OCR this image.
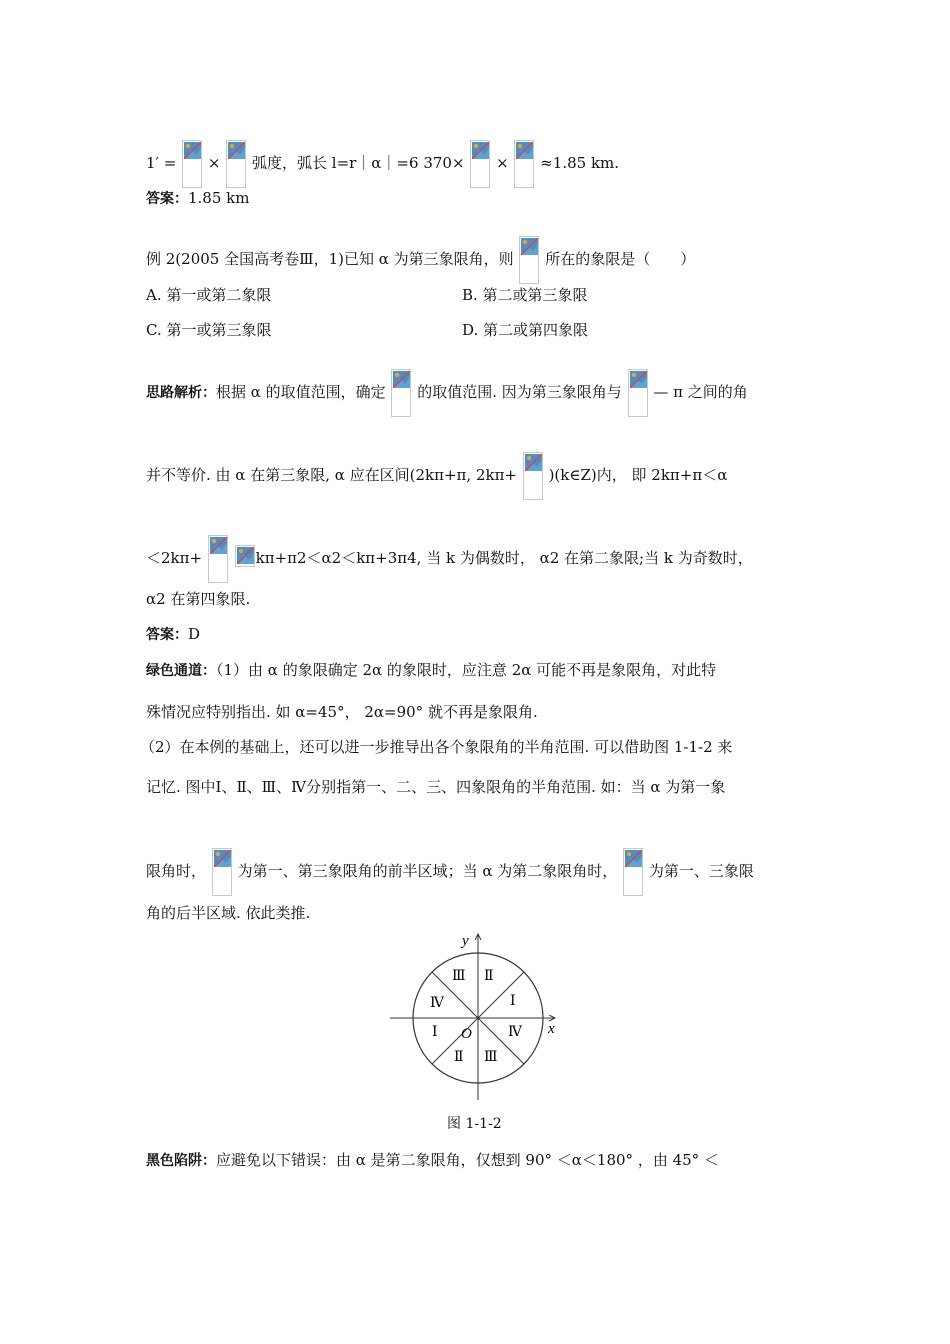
1′ = × 弧度，弧长 l=r｜α｜=6 370× × ≈1.85 km.
答案：1.85 km
例 2(2005 全国高考卷Ⅲ，1)已知 α 为第三象限角，则 所在的象限是（　　）
A. 第一或第二象限	B. 第二或第三象限
C. 第一或第三象限	D. 第二或第四象限
思路解析：根据 α 的取值范围，确定 的取值范围. 因为第三象限角与 — π 之间的角
并不等价. 由 α 在第三象限, α 应在区间(2kπ+π, 2kπ+ )(k∈Z)内， 即 2kπ+π＜α
＜2kπ+
	kπ+π2＜α2＜kπ+3π4, 当 k 为偶数时， α2 在第二象限;当 k 为奇数时，
α2 在第四象限.
答案：D
绿色通道：（1）由 α 的象限确定 2α 的象限时，应注意 2α 可能不再是象限角，对此特
殊情况应特别指出. 如 α=45°， 2α=90° 就不再是象限角.
（2）在本例的基础上，还可以进一步推导出各个象限角的半角范围. 可以借助图 1-1-2 来
记忆. 图中Ⅰ、Ⅱ、Ⅲ、Ⅳ分别指第一、二、三、四象限角的半角范围. 如：当 α 为第一象
限角时， 为第一、第三象限角的前半区域；当 α 为第二象限角时， 为第一、三象限
角的后半区域. 依此类推.
y
x
O
Ⅰ
Ⅱ
Ⅲ
Ⅳ
Ⅰ
Ⅱ Ⅲ
Ⅳ
图 1-1-2
黑色陷阱：应避免以下错误：由 α 是第二象限角，仅想到 90° ＜α＜180° ，由 45° ＜
